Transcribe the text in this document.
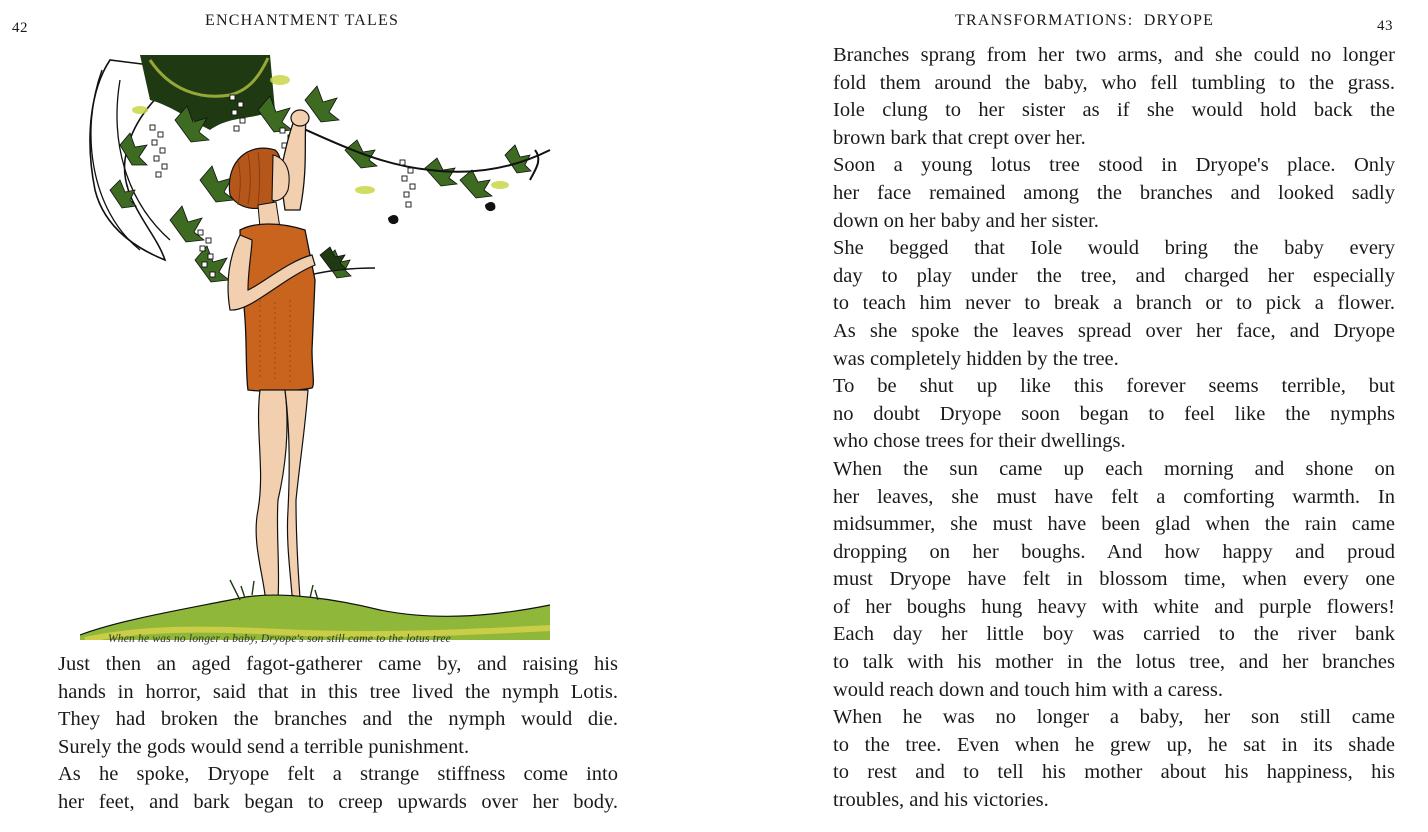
42	ENCHANTMENT TALES
When he was no longer a baby, Dryope's son still came to the lotus tree
Just then an aged fagot-gatherer came by, and raising his
hands in horror, said that in this tree lived the nymph Lotis.
They had broken the branches and the nymph would die.
Surely the gods would send a terrible punishment.
As he spoke, Dryope felt a strange stiffness come into
her feet, and bark began to creep upwards over her body.
TRANSFORMATIONS:  DRYOPE	43
Branches sprang from her two arms, and she could no longer
fold them around the baby, who fell tumbling to the grass.
Iole clung to her sister as if she would hold back the
brown bark that crept over her.
Soon a young lotus tree stood in Dryope's place. Only
her face remained among the branches and looked sadly
down on her baby and her sister.
She begged that Iole would bring the baby every
day to play under the tree, and charged her especially
to teach him never to break a branch or to pick a flower.
As she spoke the leaves spread over her face, and Dryope
was completely hidden by the tree.
To be shut up like this forever seems terrible, but
no doubt Dryope soon began to feel like the nymphs
who chose trees for their dwellings.
When the sun came up each morning and shone on
her leaves, she must have felt a comforting warmth. In
midsummer, she must have been glad when the rain came
dropping on her boughs. And how happy and proud
must Dryope have felt in blossom time, when every one
of her boughs hung heavy with white and purple flowers!
Each day her little boy was carried to the river bank
to talk with his mother in the lotus tree, and her branches
would reach down and touch him with a caress.
When he was no longer a baby, her son still came
to the tree. Even when he grew up, he sat in its shade
to rest and to tell his mother about his happiness, his
troubles, and his victories.
